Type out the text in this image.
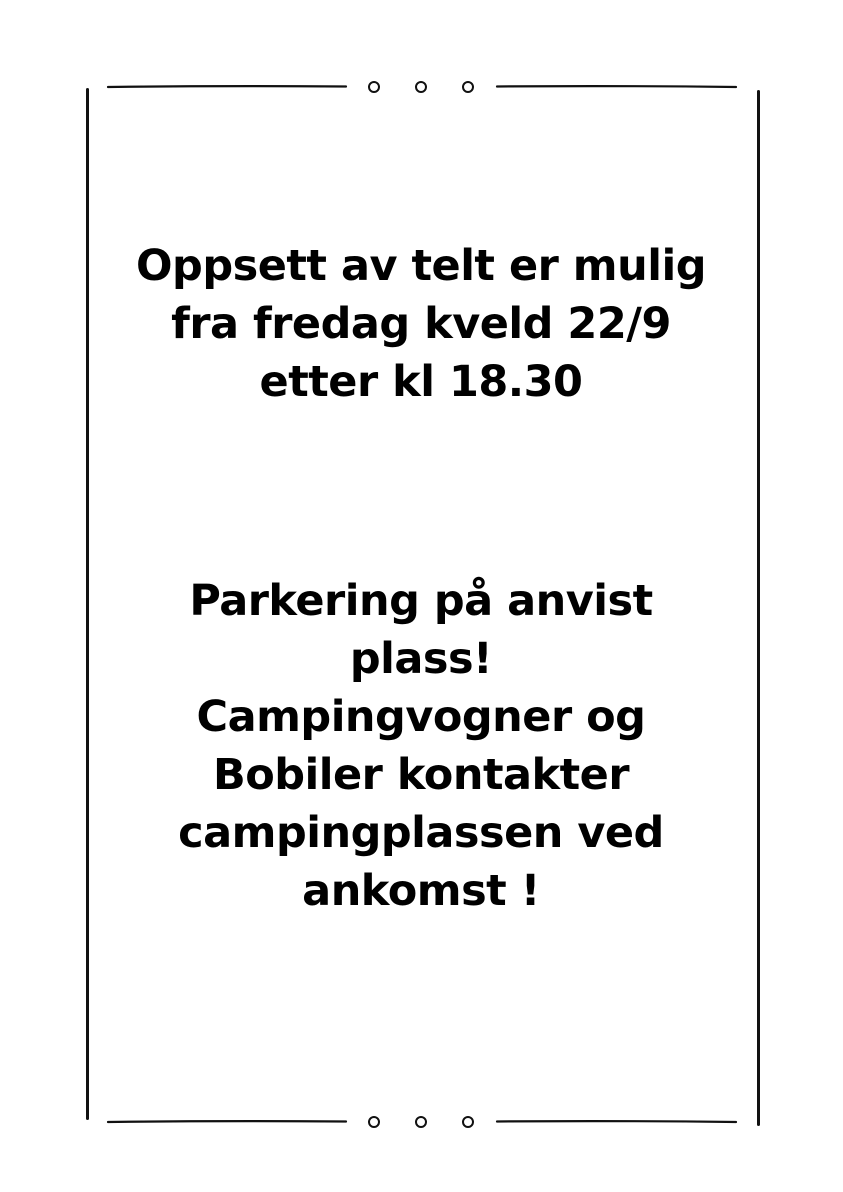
Oppsett av telt er mulig

fra fredag kveld 22/9

etter kl 18.30

Parkering på anvist

plass!

Campingvogner og

Bobiler kontakter

campingplassen ved

ankomst !
